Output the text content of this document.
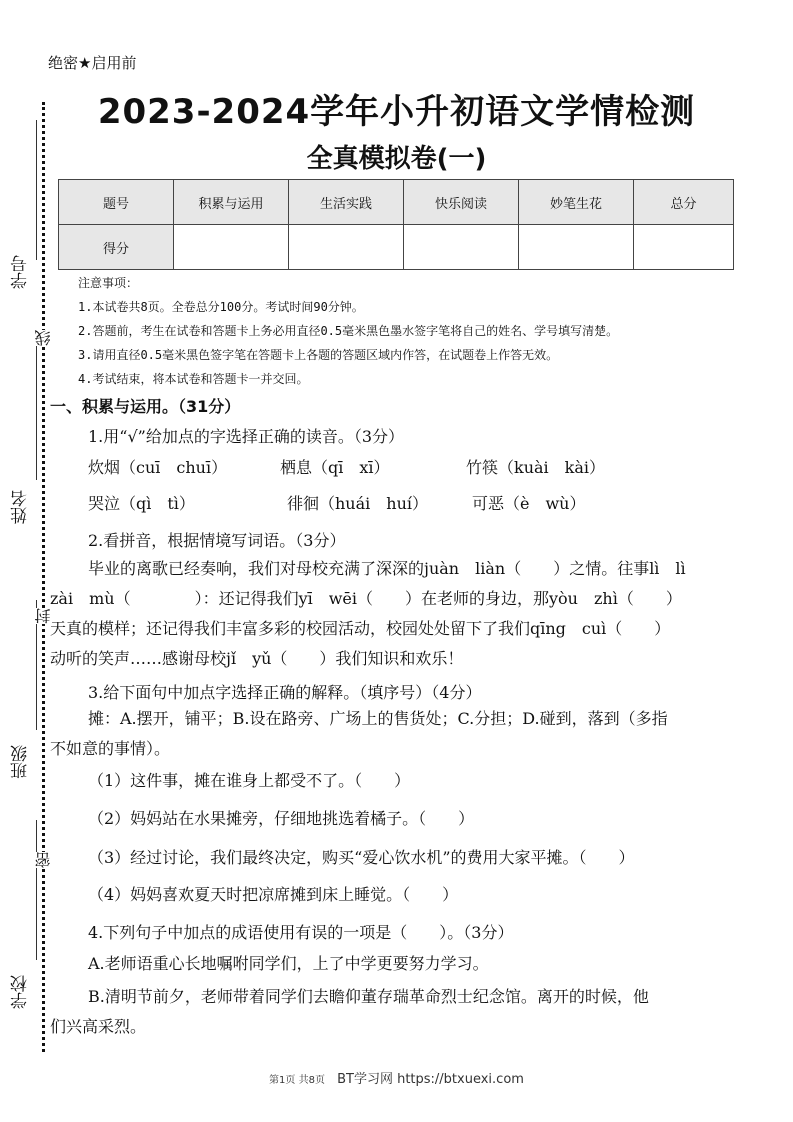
学号
姓名
班级
学校
线
封
密
绝密★启用前
2023-2024学年小升初语文学情检测
全真模拟卷(一)
题号	积累与运用	生活实践	快乐阅读	妙笔生花	总分
得分					
注意事项：
1.本试卷共8页。全卷总分100分。考试时间90分钟。
2.答题前，考生在试卷和答题卡上务必用直径0.5毫米黑色墨水签字笔将自己的姓名、学号填写清楚。
3.请用直径0.5毫米黑色签字笔在答题卡上各题的答题区域内作答，在试题卷上作答无效。
4.考试结束，将本试卷和答题卡一并交回。
一、积累与运用。（31分）
1.用“√”给加点的字选择正确的读音。（3分）
炊烟（cuī　chuī）	栖息（qī　xī）	竹筷（kuài　kài）
哭泣（qì　tì）	徘徊（huái　huí）	可恶（è　wù）
2.看拼音，根据情境写词语。（3分）
毕业的离歌已经奏响，我们对母校充满了深深的juàn　liàn（　　）之情。往事lì　lì
zài　mù（　　　　）：还记得我们yī　wēi（　　）在老师的身边，那yòu　zhì（　　）
天真的模样；还记得我们丰富多彩的校园活动，校园处处留下了我们qīng　cuì（　　）
动听的笑声……感谢母校jǐ　yǔ（　　）我们知识和欢乐！
3.给下面句中加点字选择正确的解释。（填序号）（4分）
摊：A.摆开，铺平；B.设在路旁、广场上的售货处；C.分担；D.碰到，落到（多指
不如意的事情）。
（1）这件事，摊在谁身上都受不了。（　　）
（2）妈妈站在水果摊旁，仔细地挑选着橘子。（　　）
（3）经过讨论，我们最终决定，购买“爱心饮水机”的费用大家平摊。（　　）
（4）妈妈喜欢夏天时把凉席摊到床上睡觉。（　　）
4.下列句子中加点的成语使用有误的一项是（　　）。（3分）
A.老师语重心长地嘱咐同学们，上了中学更要努力学习。
B.清明节前夕，老师带着同学们去瞻仰董存瑞革命烈士纪念馆。离开的时候，他
们兴高采烈。
第1页 共8页 BT学习网 https://btxuexi.com
